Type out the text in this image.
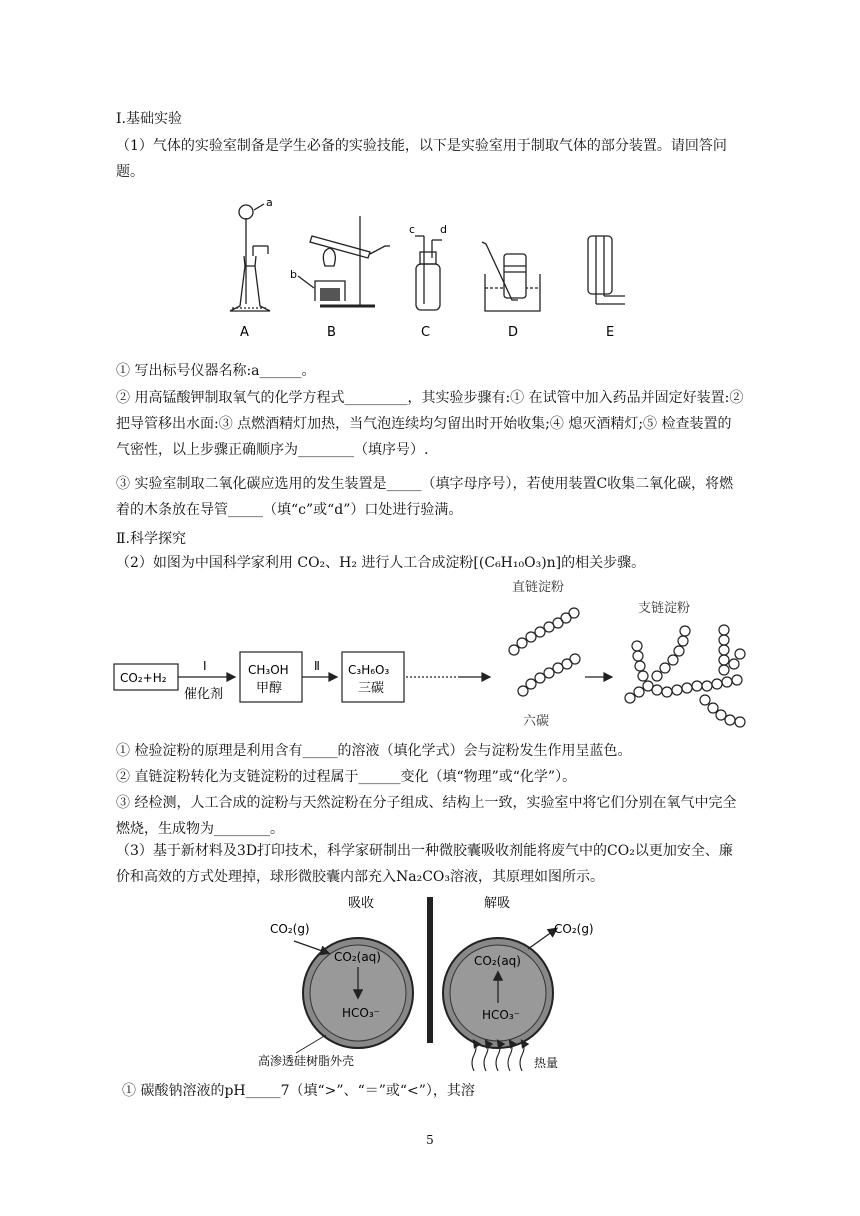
I.基础实验
（1）气体的实验室制备是学生必备的实验技能，以下是实验室用于制取气体的部分装置。请回答问题。
a
b
c d
A	B	C	D	E
① 写出标号仪器名称:a______。
② 用高锰酸钾制取氧气的化学方程式_________，其实验步骤有:① 在试管中加入药品并固定好装置:② 把导管移出水面:③ 点燃酒精灯加热，当气泡连续均匀留出时开始收集;④ 熄灭酒精灯;⑤ 检查装置的气密性，以上步骤正确顺序为________（填序号）.
③ 实验室制取二氧化碳应选用的发生装置是_____（填字母序号），若使用装置C收集二氧化碳，将燃着的木条放在导管_____（填“c”或“d”）口处进行验满。
Ⅱ.科学探究
（2）如图为中国科学家利用 CO₂、H₂ 进行人工合成淀粉[(C₆H₁₀O₃)n]的相关步骤。
CO₂+H₂
Ⅰ
催化剂
CH₃OH
甲醇
Ⅱ C₃H₆O₃
三碳
直链淀粉
六碳
支链淀粉
① 检验淀粉的原理是利用含有_____的溶液（填化学式）会与淀粉发生作用呈蓝色。
② 直链淀粉转化为支链淀粉的过程属于______变化（填“物理”或“化学”）。
③ 经检测，人工合成的淀粉与天然淀粉在分子组成、结构上一致，实验室中将它们分别在氧气中完全燃烧，生成物为________。
（3）基于新材料及3D打印技术，科学家研制出一种微胶囊吸收剂能将废气中的CO₂以更加安全、廉价和高效的方式处理掉，球形微胶囊内部充入Na₂CO₃溶液，其原理如图所示。
吸收	解吸
CO₂(g)
CO₂(aq)
HCO₃⁻
CO₂(g)
CO₂(aq)
HCO₃⁻
高渗透硅树脂外壳	热量
① 碳酸钠溶液的pH_____7（填“>”、“＝”或“<”），其溶
5
